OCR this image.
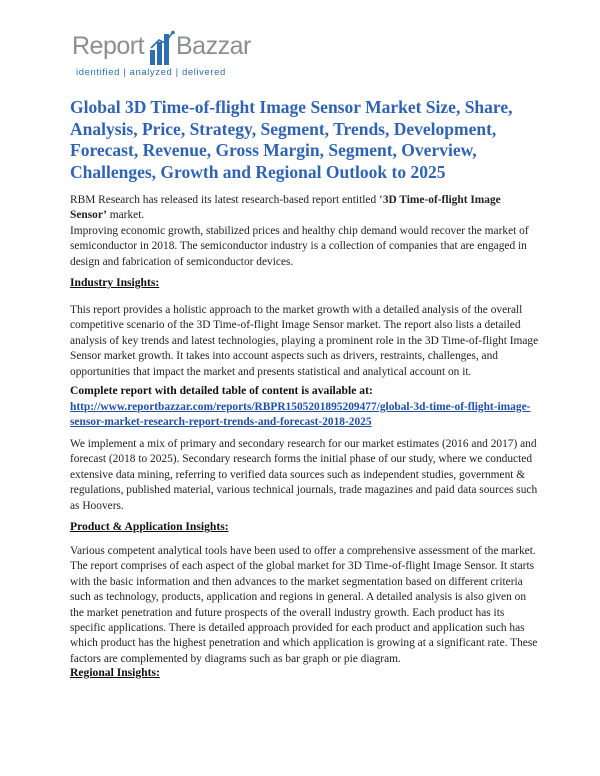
Report Bazzar
identified | analyzed | delivered
Global 3D Time-of-flight Image Sensor Market Size, Share, Analysis, Price, Strategy, Segment, Trends, Development, Forecast, Revenue, Gross Margin, Segment, Overview, Challenges, Growth and Regional Outlook to 2025

RBM Research has released its latest research-based report entitled ‘3D Time-of-flight Image Sensor’ market.

Improving economic growth, stabilized prices and healthy chip demand would recover the market of semiconductor in 2018. The semiconductor industry is a collection of companies that are engaged in design and fabrication of semiconductor devices.

Industry Insights:

This report provides a holistic approach to the market growth with a detailed analysis of the overall competitive scenario of the 3D Time-of-flight Image Sensor market. The report also lists a detailed analysis of key trends and latest technologies, playing a prominent role in the 3D Time-of-flight Image Sensor market growth. It takes into account aspects such as drivers, restraints, challenges, and opportunities that impact the market and presents statistical and analytical account on it.

Complete report with detailed table of content is available at:

http://www.reportbazzar.com/reports/RBPR1505201895209477/global-3d-time-of-flight-image-sensor-market-research-report-trends-and-forecast-2018-2025

We implement a mix of primary and secondary research for our market estimates (2016 and 2017) and forecast (2018 to 2025). Secondary research forms the initial phase of our study, where we conducted extensive data mining, referring to verified data sources such as independent studies, government & regulations, published material, various technical journals, trade magazines and paid data sources such as Hoovers.

Product & Application Insights:

Various competent analytical tools have been used to offer a comprehensive assessment of the market. The report comprises of each aspect of the global market for 3D Time-of-flight Image Sensor. It starts with the basic information and then advances to the market segmentation based on different criteria such as technology, products, application and regions in general. A detailed analysis is also given on the market penetration and future prospects of the overall industry growth. Each product has its specific applications. There is detailed approach provided for each product and application such has which product has the highest penetration and which application is growing at a significant rate. These factors are complemented by diagrams such as bar graph or pie diagram.

Regional Insights:
